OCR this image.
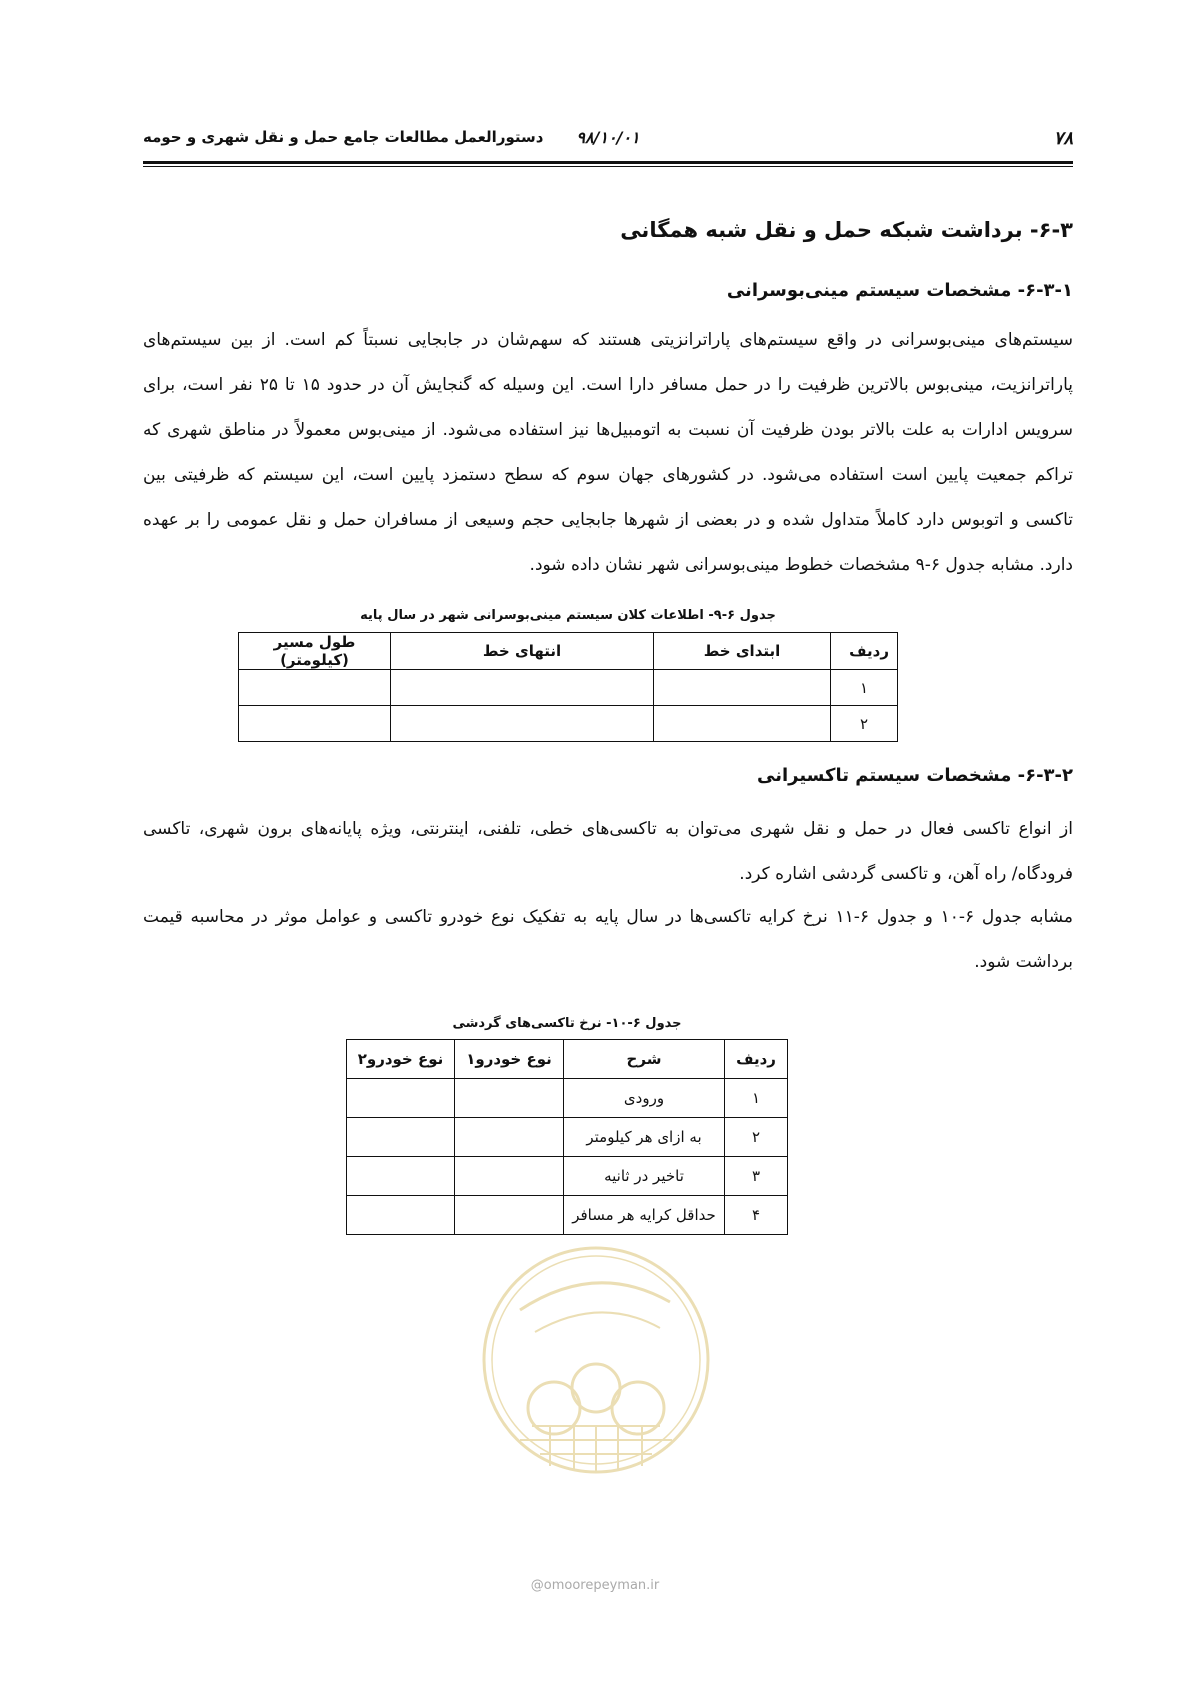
۷۸
۹۸/۱۰/۰۱
دستورالعمل مطالعات جامع حمل و نقل شهری و حومه
۶-۳- برداشت شبکه حمل و نقل شبه همگانی
۶-۳-۱- مشخصات سیستم مینی‌بوسرانی

سیستم‌های مینی‌بوسرانی در واقع سیستم‌های پاراترانزیتی هستند که سهم‌شان در جابجایی نسبتاً کم است. از بین سیستم‌های پاراترانزیت، مینی‌بوس بالاترین ظرفیت را در حمل مسافر دارا است. این وسیله که گنجایش آن در حدود ۱۵ تا ۲۵ نفر است، برای سرویس ادارات به علت بالاتر بودن ظرفیت آن نسبت به اتومبیل‌ها نیز استفاده می‌شود. از مینی‌بوس معمولاً در مناطق شهری که تراکم جمعیت پایین است استفاده می‌شود. در کشورهای جهان سوم که سطح دستمزد پایین است، این سیستم که ظرفیتی بین تاکسی و اتوبوس دارد کاملاً متداول شده و در بعضی از شهرها جابجایی حجم وسیعی از مسافران حمل و نقل عمومی را بر عهده دارد. مشابه جدول ۶-۹ مشخصات خطوط مینی‌بوسرانی شهر نشان داده شود.

جدول ۶-۹- اطلاعات کلان سیستم مینی‌بوسرانی شهر در سال پایه
ردیف	ابتدای خط	انتهای خط	طول مسیر (کیلومتر)
۱			
۲			
۶-۳-۲- مشخصات سیستم تاکسیرانی

از انواع تاکسی فعال در حمل و نقل شهری می‌توان به تاکسی‌های خطی، تلفنی، اینترنتی، ویژه پایانه‌های برون شهری، تاکسی فرودگاه/ راه آهن، و تاکسی گردشی اشاره کرد.

مشابه جدول ۶-۱۰ و جدول ۶-۱۱ نرخ کرایه تاکسی‌ها در سال پایه به تفکیک نوع خودرو تاکسی و عوامل موثر در محاسبه قیمت برداشت شود.

جدول ۶-۱۰- نرخ تاکسی‌های گردشی
ردیف	شرح	نوع خودرو۱	نوع خودرو۲
۱	ورودی		
۲	به ازای هر کیلومتر		
۳	تاخیر در ثانیه		
۴	حداقل کرایه هر مسافر		
@omoorepeyman.ir
